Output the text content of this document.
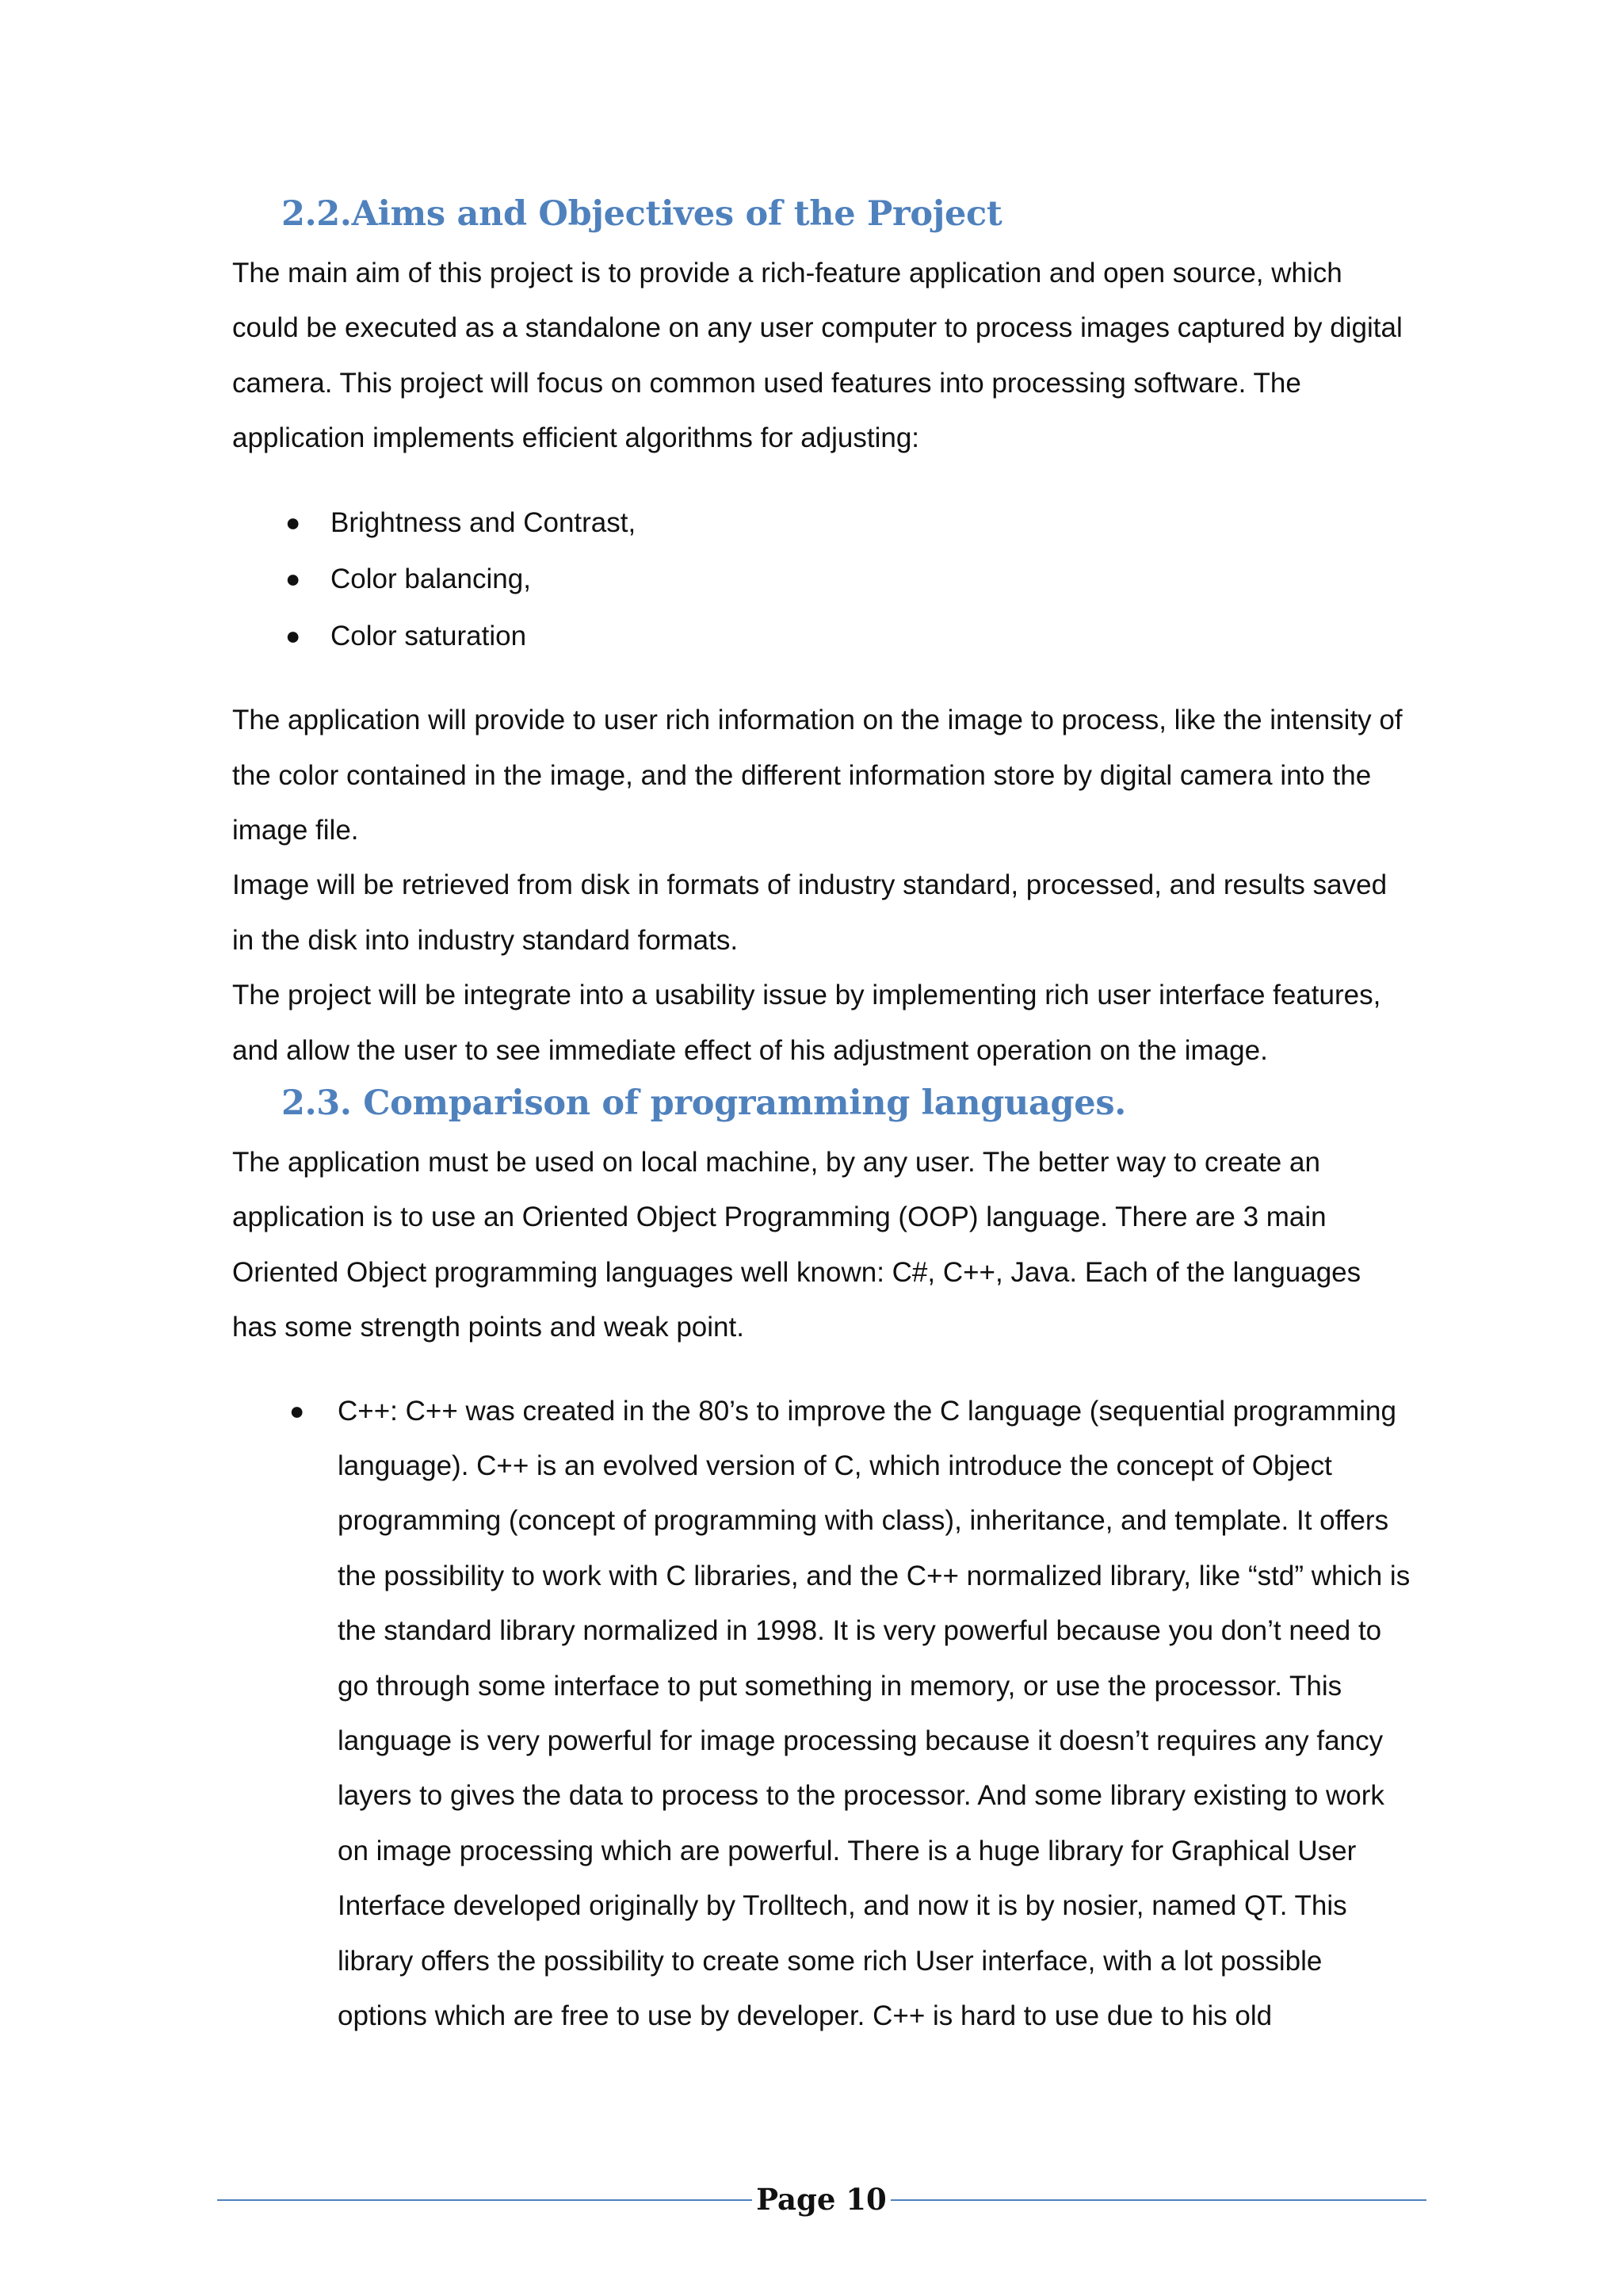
2.2.Aims and Objectives of the Project

The main aim of this project is to provide a rich-feature application and open source, which could be executed as a standalone on any user computer to process images captured by digital camera. This project will focus on common used features into processing software. The application implements efficient algorithms for adjusting:

● Brightness and Contrast,
● Color balancing,
● Color saturation

The application will provide to user rich information on the image to process, like the intensity of the color contained in the image, and the different information store by digital camera into the image file.

Image will be retrieved from disk in formats of industry standard, processed, and results saved in the disk into industry standard formats.

The project will be integrate into a usability issue by implementing rich user interface features, and allow the user to see immediate effect of his adjustment operation on the image.

2.3. Comparison of programming languages.

The application must be used on local machine, by any user. The better way to create an application is to use an Oriented Object Programming (OOP) language. There are 3 main Oriented Object programming languages well known: C#, C++, Java. Each of the languages has some strength points and weak point.

● C++: C++ was created in the 80’s to improve the C language (sequential programming language). C++ is an evolved version of C, which introduce the concept of Object programming (concept of programming with class), inheritance, and template. It offers the possibility to work with C libraries, and the C++ normalized library, like “std” which is the standard library normalized in 1998. It is very powerful because you don’t need to go through some interface to put something in memory, or use the processor. This language is very powerful for image processing because it doesn’t requires any fancy layers to gives the data to process to the processor. And some library existing to work on image processing which are powerful. There is a huge library for Graphical User Interface developed originally by Trolltech, and now it is by nosier, named QT. This library offers the possibility to create some rich User interface, with a lot possible options which are free to use by developer. C++ is hard to use due to his old
Page 10
